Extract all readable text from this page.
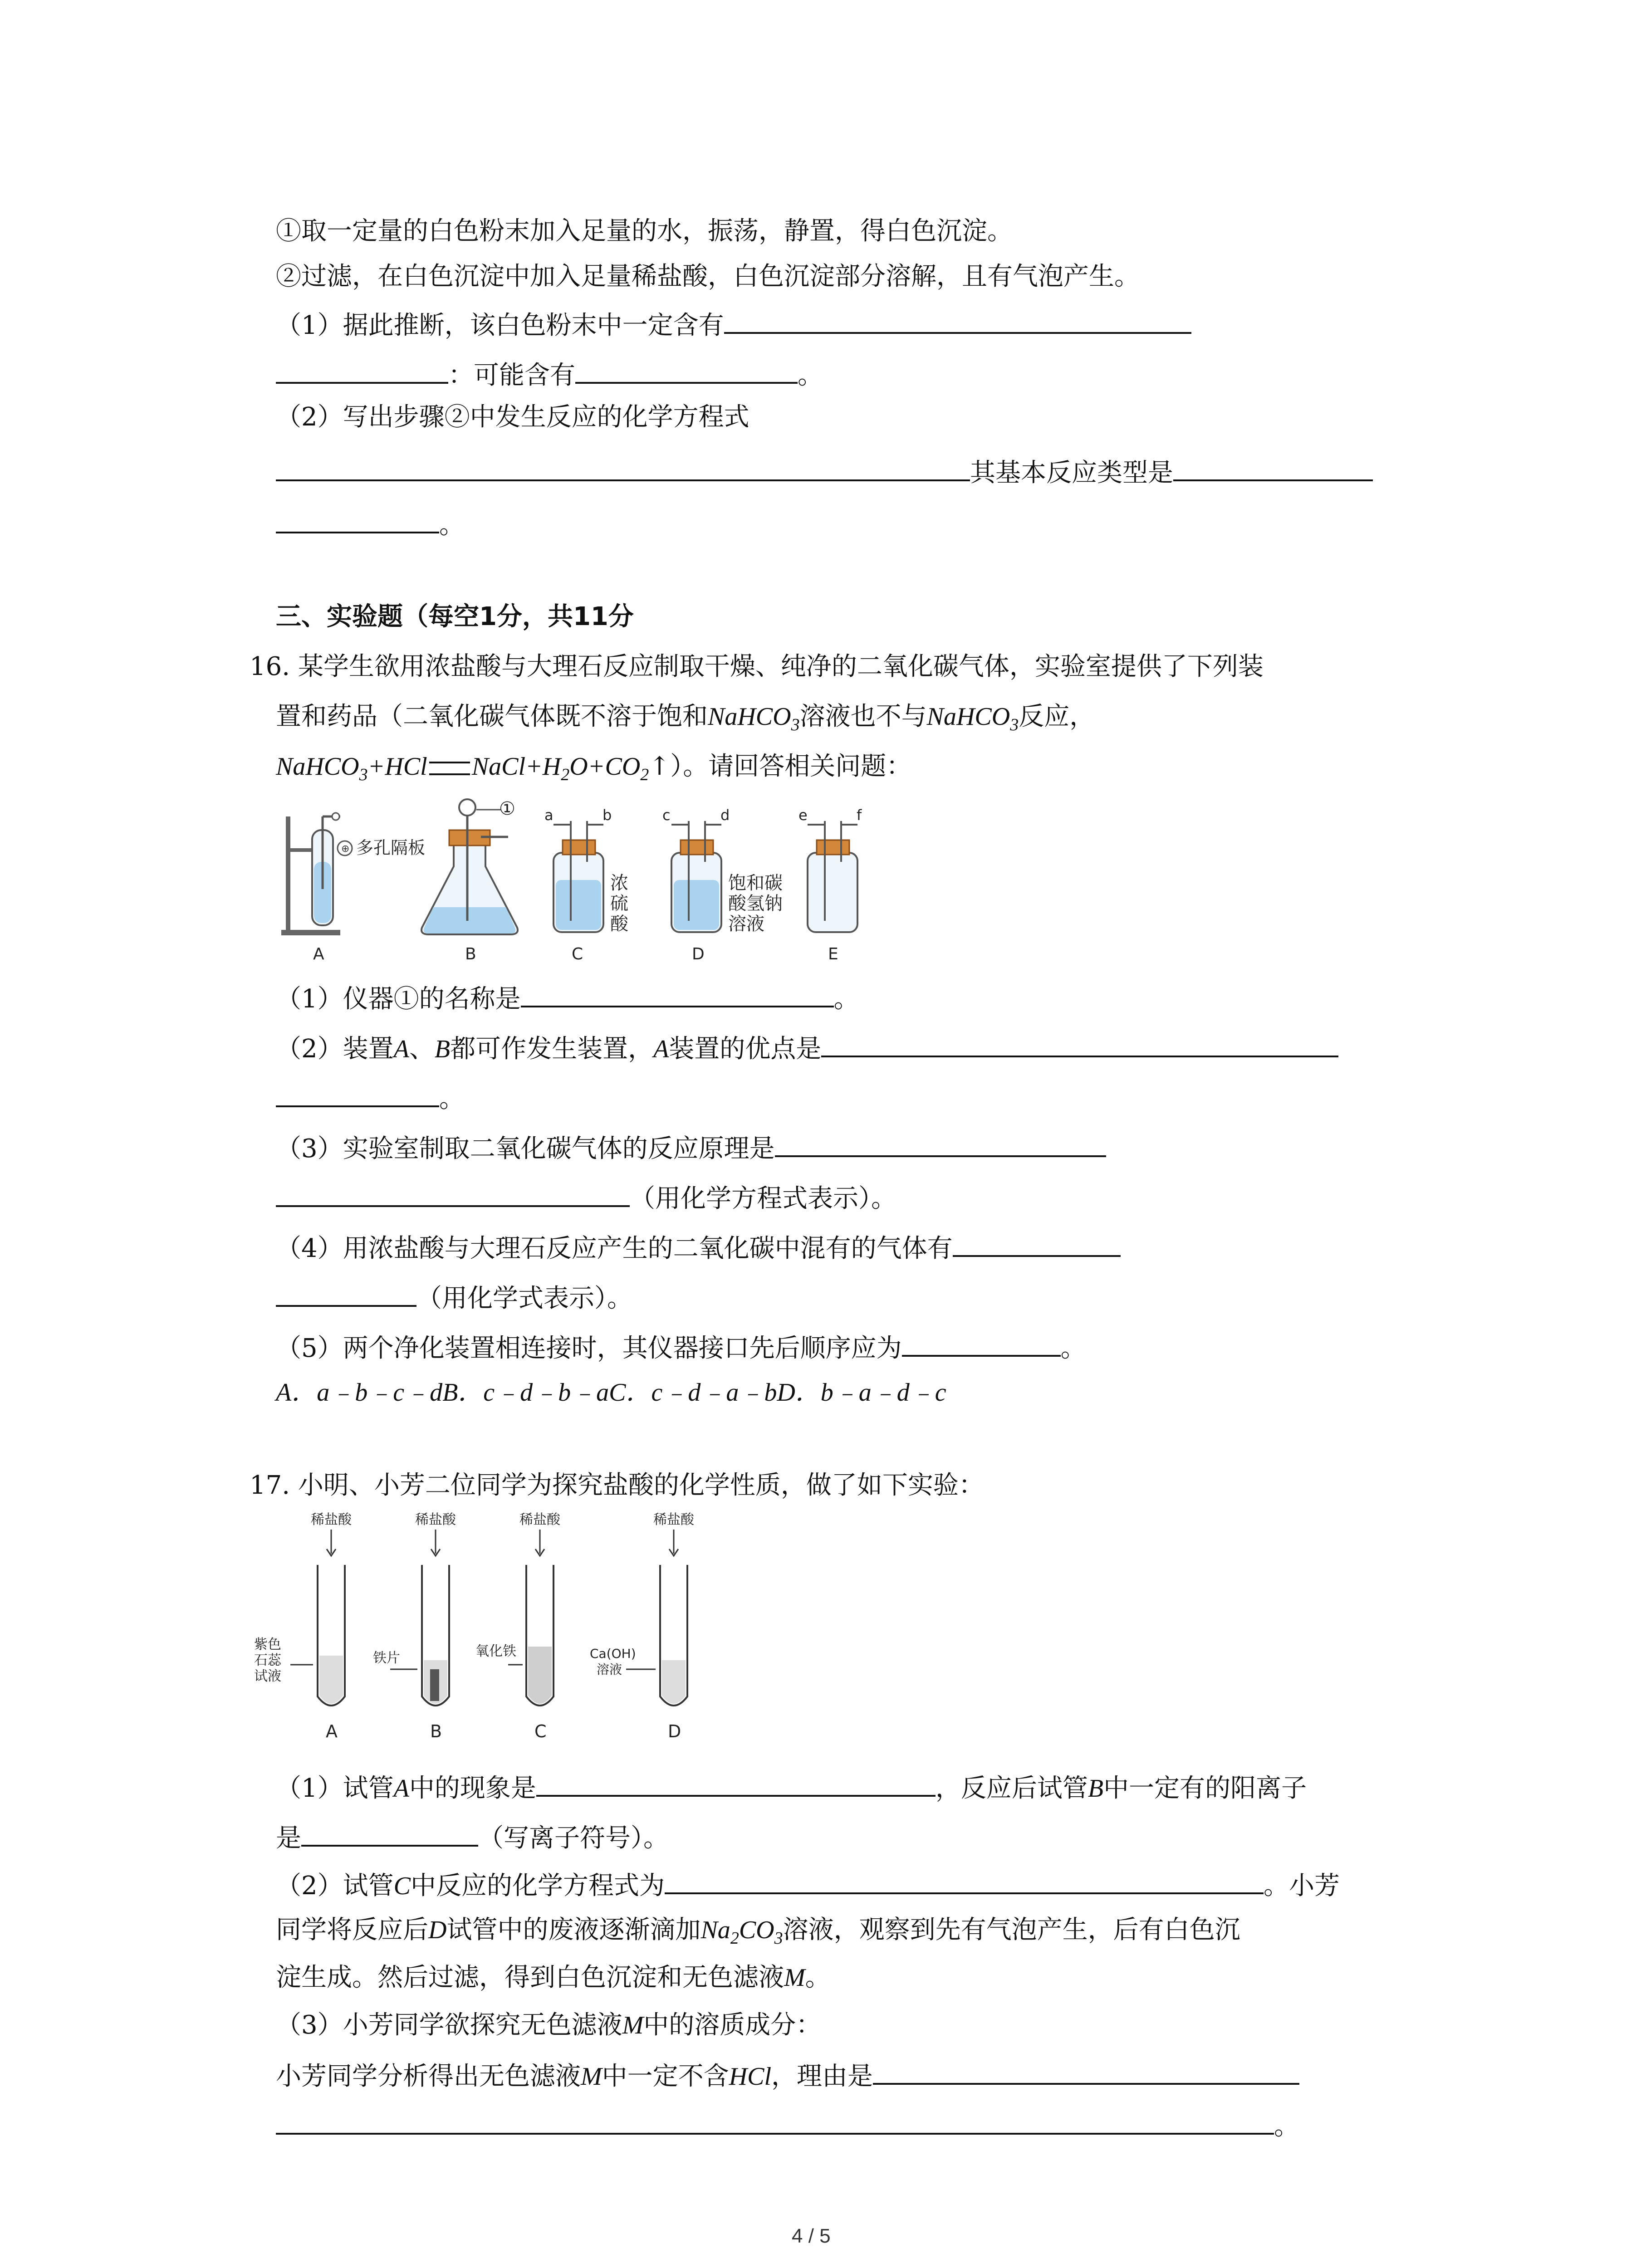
①取一定量的白色粉末加入足量的水，振荡，静置，得白色沉淀。
②过滤，在白色沉淀中加入足量稀盐酸，白色沉淀部分溶解，且有气泡产生。
（1）据此推断，该白色粉末中一定含有
：可能含有	。
（2）写出步骤②中发生反应的化学方程式
其基本反应类型是
。
三、实验题（每空1分，共11分
16. 某学生欲用浓盐酸与大理石反应制取干燥、纯净的二氧化碳气体，实验室提供了下列装
置和药品（二氧化碳气体既不溶于饱和NaHCO$_3$溶液也不与NaHCO$_3$反应，
NaHCO$_3$+HCl $NaCl+H_2O+CO_2↑$）。请回答相关问题：
⊕ 多孔隔板
A
①
B
a	b
浓
硫
酸
C
c	d
饱和碳
酸氢钠
溶液
D
e	f
E
（1）仪器①的名称是	。
（2）装置A、B都可作发生装置，A装置的优点是
。
（3）实验室制取二氧化碳气体的反应原理是
（用化学方程式表示）。
（4）用浓盐酸与大理石反应产生的二氧化碳中混有的气体有
（用化学式表示）。
（5）两个净化装置相连接时，其仪器接口先后顺序应为	。
A．a﹣b﹣c﹣dB．c﹣d﹣b﹣aC．c﹣d﹣a﹣bD．b﹣a﹣d﹣c
17. 小明、小芳二位同学为探究盐酸的化学性质，做了如下实验：
稀盐酸
紫色
石蕊
试液
A
稀盐酸
铁片
B
稀盐酸
氧化铁
C
稀盐酸
Ca(OH)
溶液
D
（1）试管A中的现象是	，反应后试管B中一定有的阳离子
是	（写离子符号）。
（2）试管C中反应的化学方程式为	。小芳
同学将反应后D试管中的废液逐渐滴加$Na_2CO_3$溶液，观察到先有气泡产生，后有白色沉
淀生成。然后过滤，得到白色沉淀和无色滤液M。
（3）小芳同学欲探究无色滤液M中的溶质成分：
小芳同学分析得出无色滤液M中一定不含HCl，理由是
。
4 / 5
